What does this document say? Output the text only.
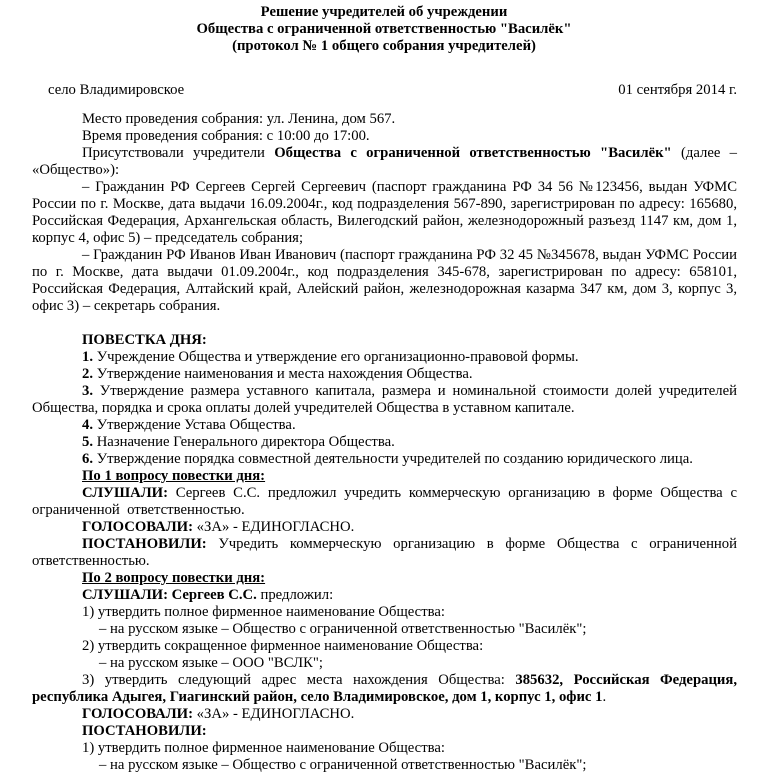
Решение учредителей об учреждении
Общества с ограниченной ответственностью "Василёк"
(протокол № 1 общего собрания учредителей)
село Владимировское	01 сентября 2014 г.
Место проведения собрания: ул. Ленина, дом 567.
Время проведения собрания: с 10:00 до 17:00.
Присутствовали учредители Общества с ограниченной ответственностью "Василёк" (далее – «Общество»):
– Гражданин РФ Сергеев Сергей Сергеевич (паспорт гражданина РФ 34 56 №123456, выдан УФМС России по г. Москве, дата выдачи 16.09.2004г., код подразделения 567-890, зарегистрирован по адресу: 165680, Российская Федерация, Архангельская область, Вилегодский район, железнодорожный разъезд 1147 км, дом 1, корпус 4, офис 5) – председатель собрания;
– Гражданин РФ Иванов Иван Иванович (паспорт гражданина РФ 32 45 №345678, выдан УФМС России по г. Москве, дата выдачи 01.09.2004г., код подразделения 345-678, зарегистрирован по адресу: 658101, Российская Федерация, Алтайский край, Алейский район, железнодорожная казарма 347 км, дом 3, корпус 3, офис 3) – секретарь собрания.
ПОВЕСТКА ДНЯ:
1. Учреждение Общества и утверждение его организационно-правовой формы.
2. Утверждение наименования и места нахождения Общества.
3. Утверждение размера уставного капитала, размера и номинальной стоимости долей учредителей Общества, порядка и срока оплаты долей учредителей Общества в уставном капитале.
4. Утверждение Устава Общества.
5. Назначение Генерального директора Общества.
6. Утверждение порядка совместной деятельности учредителей по созданию юридического лица.
По 1 вопросу повестки дня:
СЛУШАЛИ: Сергеев С.С. предложил учредить коммерческую организацию в форме Общества с ограниченной  ответственностью.
ГОЛОСОВАЛИ: «ЗА» - ЕДИНОГЛАСНО.
ПОСТАНОВИЛИ: Учредить коммерческую организацию в форме Общества с ограниченной ответственностью.
По 2 вопросу повестки дня:
СЛУШАЛИ: Сергеев С.С. предложил:
1) утвердить полное фирменное наименование Общества:
– на русском языке – Общество с ограниченной ответственностью "Василёк";
2) утвердить сокращенное фирменное наименование Общества:
– на русском языке – ООО "ВСЛК";
3) утвердить следующий адрес места нахождения Общества: 385632, Российская Федерация, республика Адыгея, Гиагинский район, село Владимировское, дом 1, корпус 1, офис 1.
ГОЛОСОВАЛИ: «ЗА» - ЕДИНОГЛАСНО.
ПОСТАНОВИЛИ:
1) утвердить полное фирменное наименование Общества:
– на русском языке – Общество с ограниченной ответственностью "Василёк";
